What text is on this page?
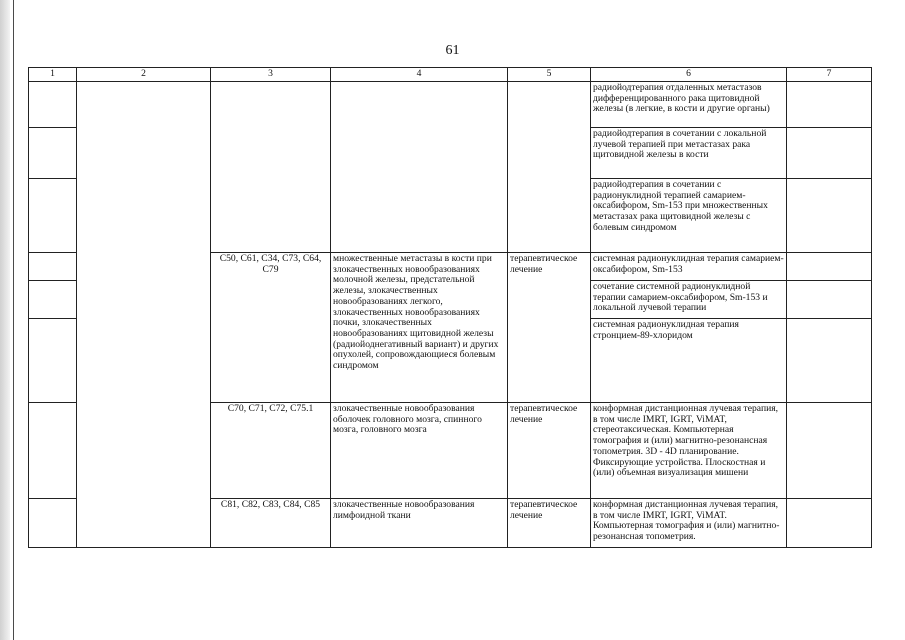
61
1	2	3	4	5	6	7
					радиойодтерапия отдаленных метастазов дифференцированного рака щитовидной железы (в легкие, в кости и другие органы)	
					радиойодтерапия в сочетании с локальной лучевой терапией при метастазах рака щитовидной железы в кости	
					радиойодтерапия в сочетании с радионуклидной терапией самарием-оксабифором, Sm-153 при множественных метастазах рака щитовидной железы с болевым синдромом	
		C50, C61, C34, C73, C64, C79	множественные метастазы в кости при злокачественных новообразованиях молочной железы, предстательной железы, злокачественных новообразованиях легкого, злокачественных новообразованиях почки, злокачественных новообразованиях щитовидной железы (радиойоднегативный вариант) и других опухолей, сопровождающиеся болевым синдромом	терапевтическое лечение	системная радионуклидная терапия самарием-оксабифором, Sm-153	
					сочетание системной радионуклидной терапии самарием-оксабифором, Sm-153 и локальной лучевой терапии	
					системная радионуклидная терапия стронцием-89-хлоридом	
		C70, C71, C72, C75.1	злокачественные новообразования оболочек головного мозга, спинного мозга, головного мозга	терапевтическое лечение	конформная дистанционная лучевая терапия, в том числе IMRT, IGRT, ViMAT, стереотаксическая. Компьютерная томография и (или) магнитно-резонансная топометрия. 3D - 4D планирование. Фиксирующие устройства. Плоскостная и (или) объемная визуализация мишени	
		C81, C82, C83, C84, C85	злокачественные новообразования лимфоидной ткани	терапевтическое лечение	конформная дистанционная лучевая терапия, в том числе IMRT, IGRT, ViMAT. Компьютерная томография и (или) магнитно-резонансная топометрия.	
